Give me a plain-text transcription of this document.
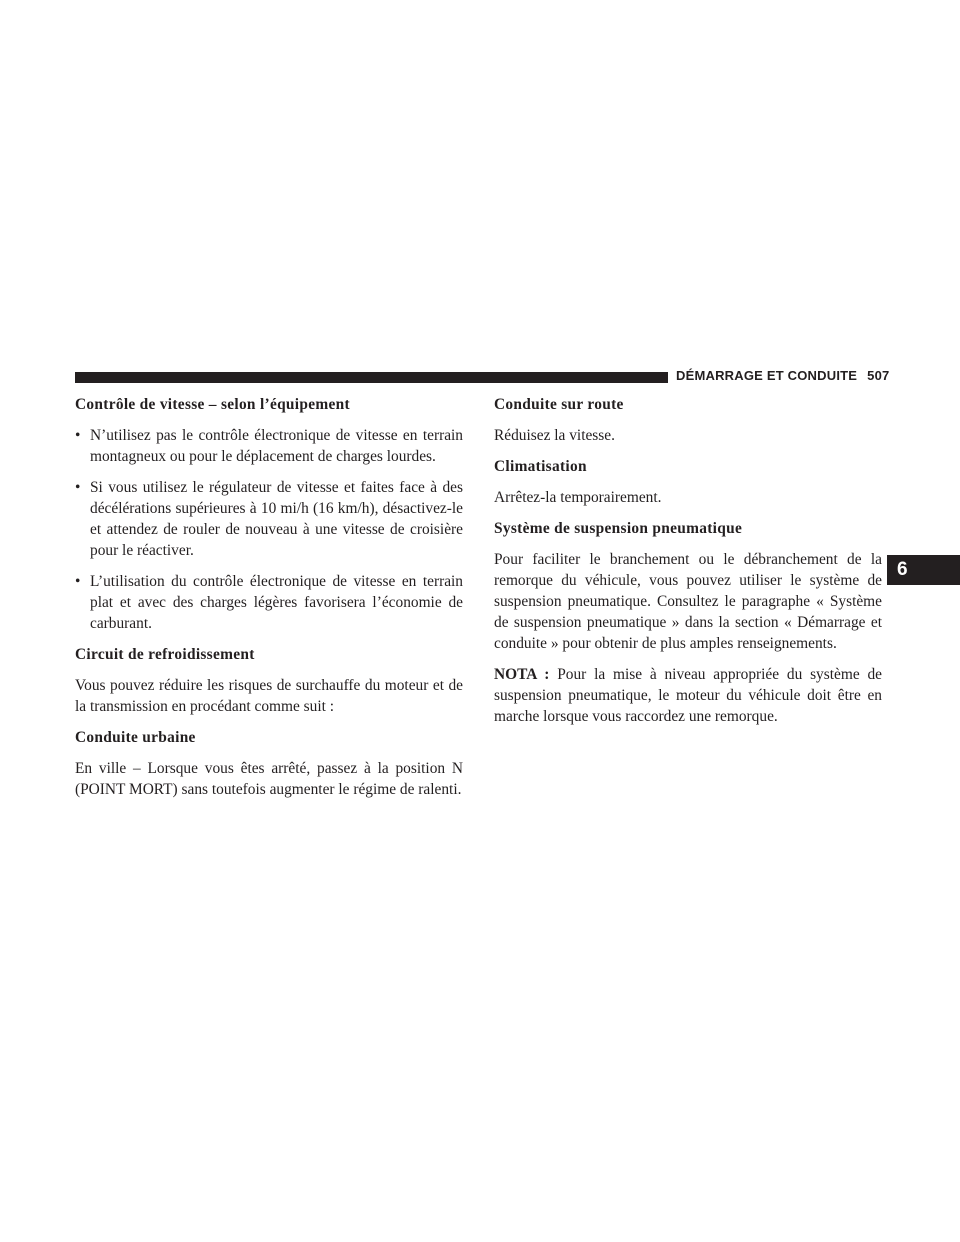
DÉMARRAGE ET CONDUITE 507
6
Contrôle de vitesse – selon l’équipement
• N’utilisez pas le contrôle électronique de vitesse en terrain montagneux ou pour le déplacement de charges lourdes.
• Si vous utilisez le régulateur de vitesse et faites face à des décélérations supérieures à 10 mi/h (16 km/h), désactivez-le et attendez de rouler de nouveau à une vitesse de croisière pour le réactiver.
• L’utilisation du contrôle électronique de vitesse en terrain plat et avec des charges légères favorisera l’économie de carburant.
Circuit de refroidissement

Vous pouvez réduire les risques de surchauffe du moteur et de la transmission en procédant comme suit :

Conduite urbaine

En ville – Lorsque vous êtes arrêté, passez à la position N (POINT MORT) sans toutefois augmenter le régime de ralenti.

Conduite sur route

Réduisez la vitesse.

Climatisation

Arrêtez-la temporairement.

Système de suspension pneumatique

Pour faciliter le branchement ou le débranchement de la remorque du véhicule, vous pouvez utiliser le système de suspension pneumatique. Consultez le paragraphe « Système de suspension pneumatique » dans la section « Démarrage et conduite » pour obtenir de plus amples renseignements.

NOTA : Pour la mise à niveau appropriée du système de suspension pneumatique, le moteur du véhicule doit être en marche lorsque vous raccordez une remorque.
